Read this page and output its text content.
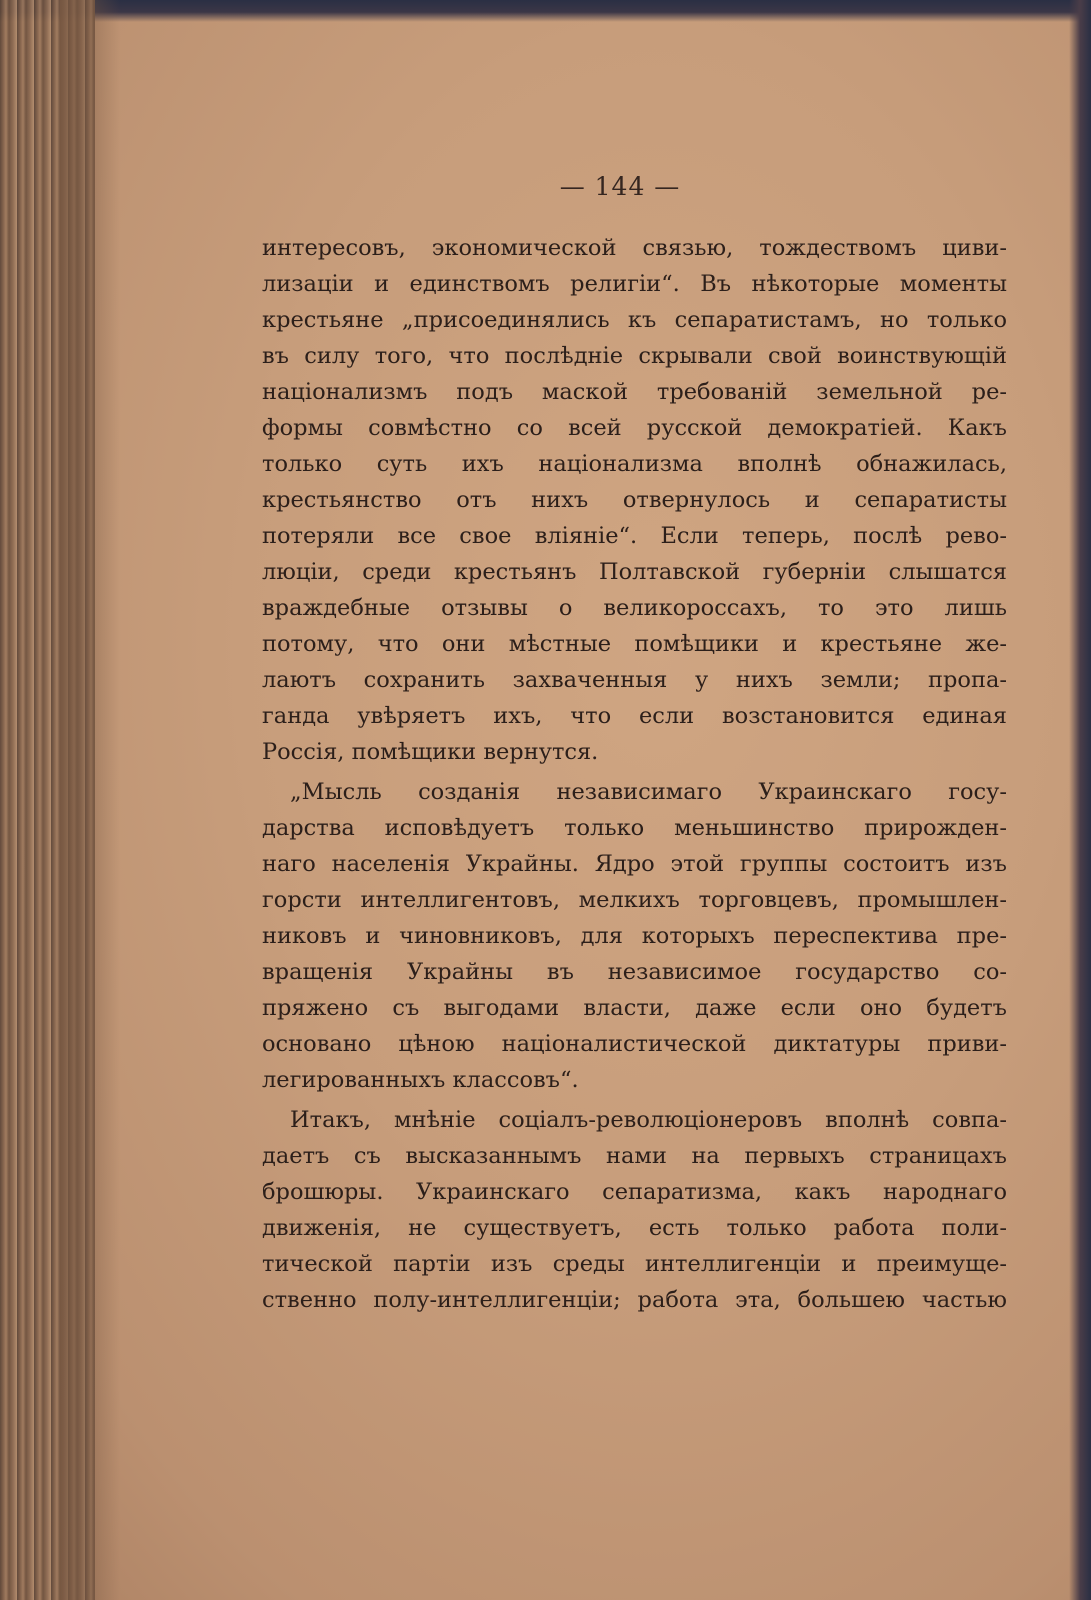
— 144 —
интересовъ, экономической связью, тождествомъ циви-
лизаціи и единствомъ религіи“. Въ нѣкоторые моменты
крестьяне „присоединялись къ сепаратистамъ, но только
въ силу того, что послѣдніе скрывали свой воинствующій
націонализмъ подъ маской требованій земельной ре-
формы совмѣстно со всей русской демократіей. Какъ
только суть ихъ націонализма вполнѣ обнажилась,
крестьянство отъ нихъ отвернулось и сепаратисты
потеряли все свое вліяніе“. Если теперь, послѣ рево-
люціи, среди крестьянъ Полтавской губерніи слышатся
враждебные отзывы о великороссахъ, то это лишь
потому, что они мѣстные помѣщики и крестьяне же-
лаютъ сохранить захваченныя у нихъ земли; пропа-
ганда увѣряетъ ихъ, что если возстановится единая
Россія, помѣщики вернутся.
„Мысль созданія независимаго Украинскаго госу-
дарства исповѣдуетъ только меньшинство прирожден-
наго населенія Украйны. Ядро этой группы состоитъ изъ
горсти интеллигентовъ, мелкихъ торговцевъ, промышлен-
никовъ и чиновниковъ, для которыхъ переспектива пре-
вращенія Украйны въ независимое государство со-
пряжено съ выгодами власти, даже если оно будетъ
основано цѣною націоналистической диктатуры приви-
легированныхъ классовъ“.
Итакъ, мнѣніе соціалъ-революціонеровъ вполнѣ совпа-
даетъ съ высказаннымъ нами на первыхъ страницахъ
брошюры. Украинскаго сепаратизма, какъ народнаго
движенія, не существуетъ, есть только работа поли-
тической партіи изъ среды интеллигенціи и преимуще-
ственно полу-интеллигенціи; работа эта, большею частью
